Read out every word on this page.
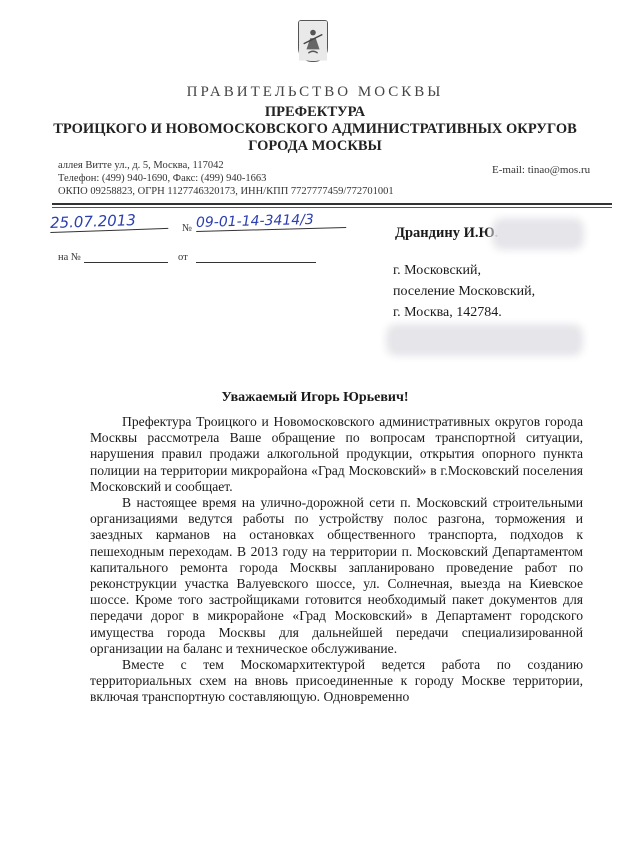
ПРАВИТЕЛЬСТВО МОСКВЫ
ПРЕФЕКТУРА
ТРОИЦКОГО И НОВОМОСКОВСКОГО АДМИНИСТРАТИВНЫХ ОКРУГОВ
ГОРОДА МОСКВЫ
аллея Витте ул., д. 5, Москва, 117042
Телефон: (499) 940-1690, Факс: (499) 940-1663
ОКПО 09258823, ОГРН 1127746320173, ИНН/КПП 7727777459/772701001
E-mail: tinao@mos.ru
25.07.2013	№ 09-01-14-3414/3
на №	от
Драндину И.Ю.
г. Московский,
поселение Московский,
г. Москва, 142784.
Уважаемый Игорь Юрьевич!

Префектура Троицкого и Новомосковского административных округов города Москвы рассмотрела Ваше обращение по вопросам транспортной ситуации, нарушения правил продажи алкогольной продукции, открытия опорного пункта полиции на территории микрорайона «Град Московский» в г.Московский поселения Московский и сообщает.

В настоящее время на улично-дорожной сети п. Московский строительными организациями ведутся работы по устройству полос разгона, торможения и заездных карманов на остановках общественного транспорта, подходов к пешеходным переходам. В 2013 году на территории п. Московский Департаментом капитального ремонта города Москвы запланировано проведение работ по реконструкции участка Валуевского шоссе, ул. Солнечная, выезда на Киевское шоссе. Кроме того застройщиками готовится необходимый пакет документов для передачи дорог в микрорайоне «Град Московский» в Департамент городского имущества города Москвы для дальнейшей передачи специализированной организации на баланс и техническое обслуживание.

Вместе с тем Москомархитектурой ведется работа по созданию территориальных схем на вновь присоединенные к городу Москве территории, включая транспортную составляющую. Одновременно
